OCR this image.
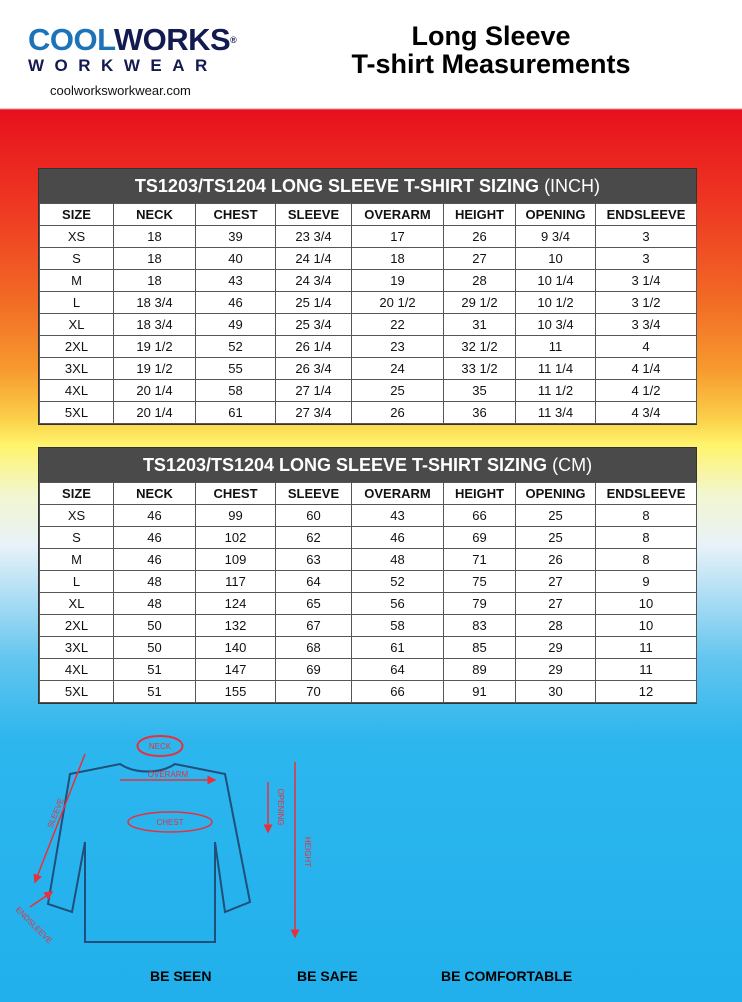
COOLWORKS®
WORKWEAR
coolworksworkwear.com
Long Sleeve
T-shirt Measurements
TS1203/TS1204 LONG SLEEVE T-SHIRT SIZING (INCH)
SIZE	NECK	CHEST	SLEEVE	OVERARM	HEIGHT	OPENING	ENDSLEEVE
XS	18	39	23 3/4	17	26	9 3/4	3
S	18	40	24 1/4	18	27	10	3
M	18	43	24 3/4	19	28	10 1/4	3 1/4
L	18 3/4	46	25 1/4	20 1/2	29 1/2	10 1/2	3 1/2
XL	18 3/4	49	25 3/4	22	31	10 3/4	3 3/4
2XL	19 1/2	52	26 1/4	23	32 1/2	11	4
3XL	19 1/2	55	26 3/4	24	33 1/2	11 1/4	4 1/4
4XL	20 1/4	58	27 1/4	25	35	11 1/2	4 1/2
5XL	20 1/4	61	27 3/4	26	36	11 3/4	4 3/4
TS1203/TS1204 LONG SLEEVE T-SHIRT SIZING (CM)
SIZE	NECK	CHEST	SLEEVE	OVERARM	HEIGHT	OPENING	ENDSLEEVE
XS	46	99	60	43	66	25	8
S	46	102	62	46	69	25	8
M	46	109	63	48	71	26	8
L	48	117	64	52	75	27	9
XL	48	124	65	56	79	27	10
2XL	50	132	67	58	83	28	10
3XL	50	140	68	61	85	29	11
4XL	51	147	69	64	89	29	11
5XL	51	155	70	66	91	30	12
NECK
OVERARM
CHEST
SLEEVE	OPENING
HEIGHT
ENDSLEEVE
BE SEEN	BE SAFE	BE COMFORTABLE
